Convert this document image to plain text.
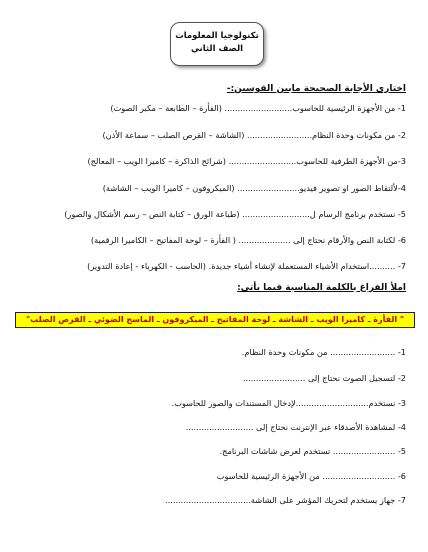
تكنولوجيا المعلومات
الصف الثاني
اختاري الأجابة الصحيحة مابين القوسين:-
1- من الأجهزة الرئيسية للحاسوب.......................... (الفأرة – الطابعة – مكبر الصوت)
2- من مكونات وحدة النظام......................... (الشاشة – القرص الصلب – سماعة الأذن)
3-من الأجهزة الطرفية للحاسوب.......................... (شرائح الذاكرة – كاميرا الويب – المعالج)
4-لألتقاط الصور او تصوير فيديو........................ (الميكروفون – كاميرا الويب – الشاشة)
5- نستخدم برنامج الرسام ل.......................... (طباعة الورق – كتابة النص – رسم الأشكال والصور)
6- لكتابة النص والأرقام نحتاج إلى .................... ( الفأرة – لوحة المفاتيح – الكاميرا الرقمية)
7- ..........استخدام الأشياء المستعملة لإنشاء أشياء جديدة. (الحاسب - الكهرباء - إعادة التدوير)
املأ الفراغ بالكلمة المناسبة فيما يأتي:
" الفأرة ـ كاميرا الويب ـ الشاشة ـ لوحة المفاتيح ـ الميكروفون ـ الماسح الضوئي ـ القرص الصلب"
1- ......................... من مكونات وحدة النظام.
2- لتسجيل الصوت نحتاج إلى ........................
3- نستخدم............................لإدخال المستندات والصور للحاسوب.
4- لمشاهدة الأصدقاء عبر الإنترنت نحتاج إلى ..........................
5- ........................ تستخدم لعرض شاشات البرنامج.
6- ............................ من الأجهزة الرئيسية للحاسوب
7- جهاز يستخدم لتحريك المؤشر على الشاشة.................................
